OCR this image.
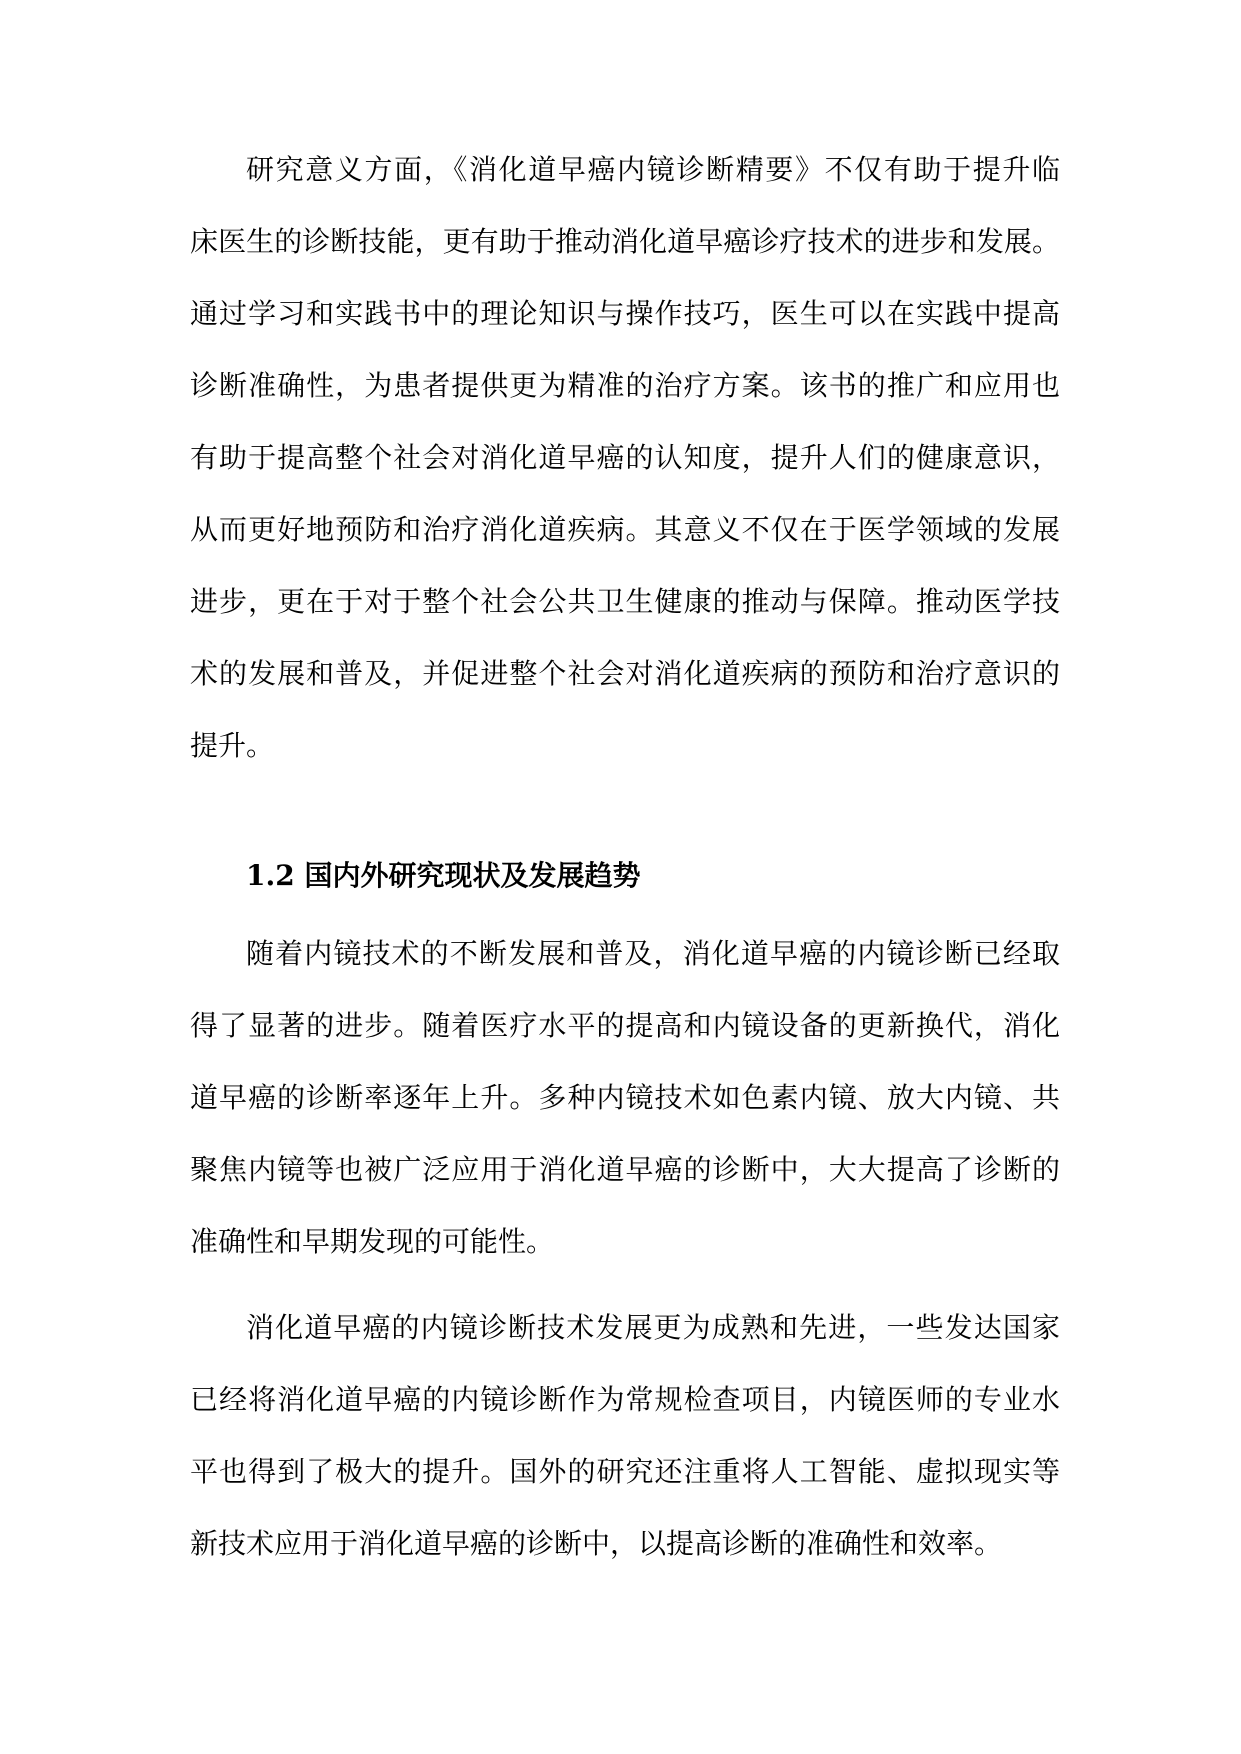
研究意义方面，《消化道早癌内镜诊断精要》不仅有助于提升临
床医生的诊断技能，更有助于推动消化道早癌诊疗技术的进步和发展。
通过学习和实践书中的理论知识与操作技巧，医生可以在实践中提高
诊断准确性，为患者提供更为精准的治疗方案。该书的推广和应用也
有助于提高整个社会对消化道早癌的认知度，提升人们的健康意识，
从而更好地预防和治疗消化道疾病。其意义不仅在于医学领域的发展
进步，更在于对于整个社会公共卫生健康的推动与保障。推动医学技
术的发展和普及，并促进整个社会对消化道疾病的预防和治疗意识的
提升。
1.2 国内外研究现状及发展趋势
随着内镜技术的不断发展和普及，消化道早癌的内镜诊断已经取
得了显著的进步。随着医疗水平的提高和内镜设备的更新换代，消化
道早癌的诊断率逐年上升。多种内镜技术如色素内镜、放大内镜、共
聚焦内镜等也被广泛应用于消化道早癌的诊断中，大大提高了诊断的
准确性和早期发现的可能性。
消化道早癌的内镜诊断技术发展更为成熟和先进，一些发达国家
已经将消化道早癌的内镜诊断作为常规检查项目，内镜医师的专业水
平也得到了极大的提升。国外的研究还注重将人工智能、虚拟现实等
新技术应用于消化道早癌的诊断中，以提高诊断的准确性和效率。
